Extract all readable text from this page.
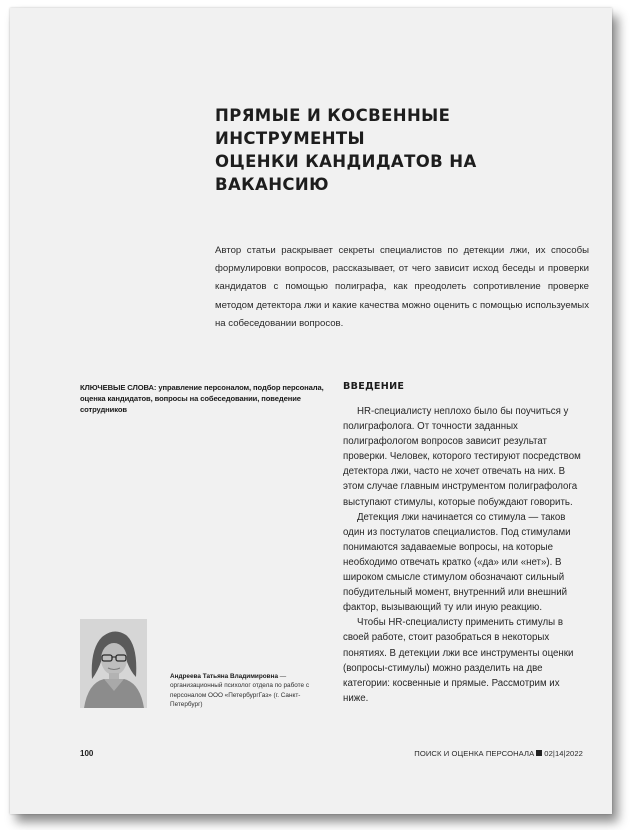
ПРЯМЫЕ И КОСВЕННЫЕ ИНСТРУМЕНТЫ
ОЦЕНКИ КАНДИДАТОВ НА ВАКАНСИЮ
Автор статьи раскрывает секреты специалистов по детекции лжи, их способы формулировки вопросов, рассказывает, от чего зависит исход беседы и проверки кандидатов с помощью полиграфа, как преодолеть сопротивление проверке методом детектора лжи и какие качества можно оценить с помощью используемых на собеседовании вопросов.
КЛЮЧЕВЫЕ СЛОВА: управление персоналом, подбор персонала, оценка кандидатов, вопросы на собеседовании, поведение сотрудников
ВВЕДЕНИЕ

HR-специалисту неплохо было бы поучиться у полиграфолога. От точности заданных полиграфологом вопросов зависит результат проверки. Человек, которого тестируют посредством детектора лжи, часто не хочет отвечать на них. В этом случае главным инструментом полиграфолога выступают стимулы, которые побуждают говорить.

Детекция лжи начинается со стимула — таков один из постулатов специалистов. Под стимулами понимаются задаваемые вопросы, на которые необходимо отвечать кратко («да» или «нет»). В широком смысле стимулом обозначают сильный побудительный момент, внутренний или внешний фактор, вызывающий ту или иную реакцию.

Чтобы HR-специалисту применить стимулы в своей работе, стоит разобраться в некоторых понятиях. В детекции лжи все инструменты оценки (вопросы-стимулы) можно разделить на две категории: косвенные и прямые. Рассмотрим их ниже.

Андреева Татьяна Владимировна — организационный психолог отдела по работе с персоналом ООО «ПетербургГаз» (г. Санкт-Петербург)
100	ПОИСК И ОЦЕНКА ПЕРСОНАЛА 02|14|2022
